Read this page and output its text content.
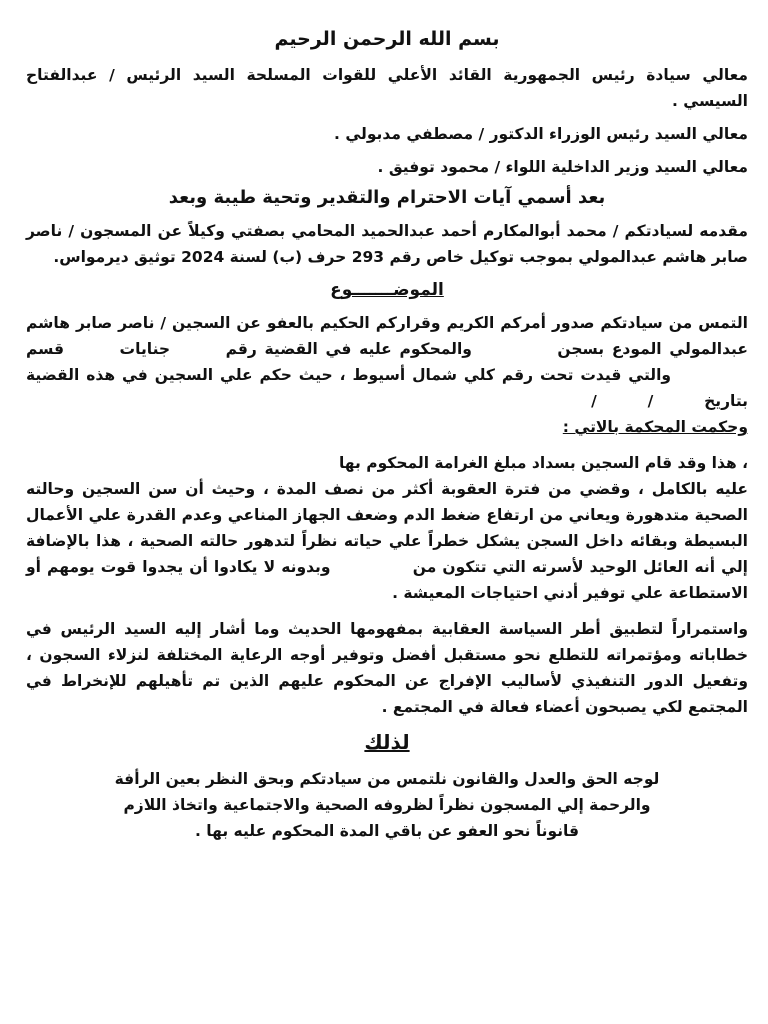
بسم الله الرحمن الرحيم

معالي سيادة رئيس الجمهورية القائد الأعلي للقوات المسلحة السيد الرئيس / عبدالفتاح السيسي .

معالي السيد رئيس الوزراء الدكتور / مصطفي مدبولي .

معالي السيد وزير الداخلية اللواء / محمود توفيق .

بعد أسمي آيات الاحترام والتقدير وتحية طيبة وبعد

مقدمه لسيادتكم / محمد أبوالمكارم أحمد عبدالحميد المحامي بصفتي وكيلاً عن المسجون / ناصر صابر هاشم عبدالمولي بموجب توكيل خاص رقم 293 حرف (ب) لسنة 2024 توثيق ديرمواس.

الموضـــــــوع

التمس من سيادتكم صدور أمركم الكريم وقراركم الحكيم بالعفو عن السجين / ناصر صابر هاشم عبدالمولي المودع بسجن  والمحكوم عليه في القضية رقم  جنايات  قسم  والتي قيدت تحت رقم كلي شمال أسيوط ، حيث حكم علي السجين في هذه القضية بتاريخ  /  /
وحكمت المحكمة بالاتي :

، هذا وقد قام السجين بسداد مبلغ الغرامة المحكوم بها
عليه بالكامل ، وقضي من فترة العقوبة أكثر من نصف المدة ، وحيث أن سن السجين وحالته الصحية متدهورة ويعاني من ارتفاع ضغط الدم وضعف الجهاز المناعي وعدم القدرة علي الأعمال البسيطة وبقائه داخل السجن يشكل خطراً علي حياته نظراً لتدهور حالته الصحية ، هذا بالإضافة إلي أنه العائل الوحيد لأسرته التي تتكون من  وبدونه لا يكادوا أن يجدوا قوت يومهم أو الاستطاعة علي توفير أدني احتياجات المعيشة .

واستمراراً لتطبيق أطر السياسة العقابية بمفهومها الحديث وما أشار إليه السيد الرئيس في خطاباته ومؤتمراته للتطلع نحو مستقبل أفضل وتوفير أوجه الرعاية المختلفة لنزلاء السجون ، وتفعيل الدور التنفيذي لأساليب الإفراج عن المحكوم عليهم الذين تم تأهيلهم للإنخراط في المجتمع لكي يصبحون أعضاء فعالة في المجتمع .

لذلك

لوجه الحق والعدل والقانون نلتمس من سيادتكم وبحق النظر بعين الرأفة
والرحمة إلي المسجون نظراً لظروفه الصحية والاجتماعية واتخاذ اللازم
قانوناً نحو العفو عن باقي المدة المحكوم عليه بها .
